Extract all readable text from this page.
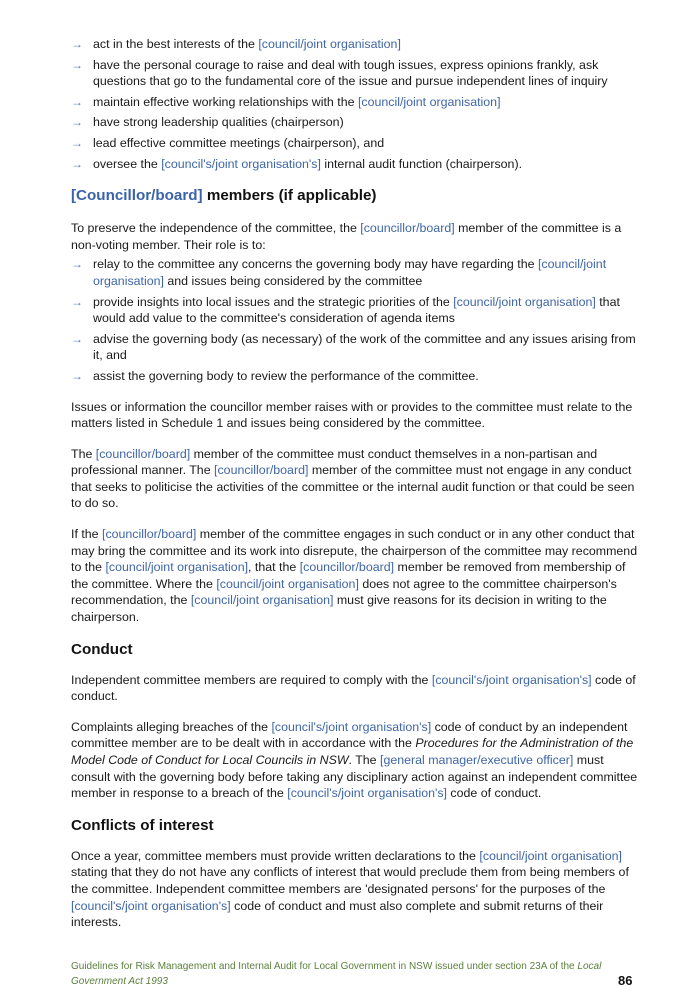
→ act in the best interests of the [council/joint organisation]
→ have the personal courage to raise and deal with tough issues, express opinions frankly, ask questions that go to the fundamental core of the issue and pursue independent lines of inquiry
→ maintain effective working relationships with the [council/joint organisation]
→ have strong leadership qualities (chairperson)
→ lead effective committee meetings (chairperson), and
→ oversee the [council's/joint organisation's] internal audit function (chairperson).
[Councillor/board] members (if applicable)

To preserve the independence of the committee, the [councillor/board] member of the committee is a non-voting member. Their role is to:

→ relay to the committee any concerns the governing body may have regarding the [council/joint organisation] and issues being considered by the committee
→ provide insights into local issues and the strategic priorities of the [council/joint organisation] that would add value to the committee's consideration of agenda items
→ advise the governing body (as necessary) of the work of the committee and any issues arising from it, and
→ assist the governing body to review the performance of the committee.

Issues or information the councillor member raises with or provides to the committee must relate to the matters listed in Schedule 1 and issues being considered by the committee.

The [councillor/board] member of the committee must conduct themselves in a non-partisan and professional manner. The [councillor/board] member of the committee must not engage in any conduct that seeks to politicise the activities of the committee or the internal audit function or that could be seen to do so.

If the [councillor/board] member of the committee engages in such conduct or in any other conduct that may bring the committee and its work into disrepute, the chairperson of the committee may recommend to the [council/joint organisation], that the [councillor/board] member be removed from membership of the committee. Where the [council/joint organisation] does not agree to the committee chairperson's recommendation, the [council/joint organisation] must give reasons for its decision in writing to the chairperson.

Conduct

Independent committee members are required to comply with the [council's/joint organisation's] code of conduct.

Complaints alleging breaches of the [council's/joint organisation's] code of conduct by an independent committee member are to be dealt with in accordance with the Procedures for the Administration of the Model Code of Conduct for Local Councils in NSW. The [general manager/executive officer] must consult with the governing body before taking any disciplinary action against an independent committee member in response to a breach of the [council's/joint organisation's] code of conduct.

Conflicts of interest

Once a year, committee members must provide written declarations to the [council/joint organisation] stating that they do not have any conflicts of interest that would preclude them from being members of the committee. Independent committee members are 'designated persons' for the purposes of the [council's/joint organisation's] code of conduct and must also complete and submit returns of their interests.

Guidelines for Risk Management and Internal Audit for Local Government in NSW issued under section 23A of the Local Government Act 1993	86
